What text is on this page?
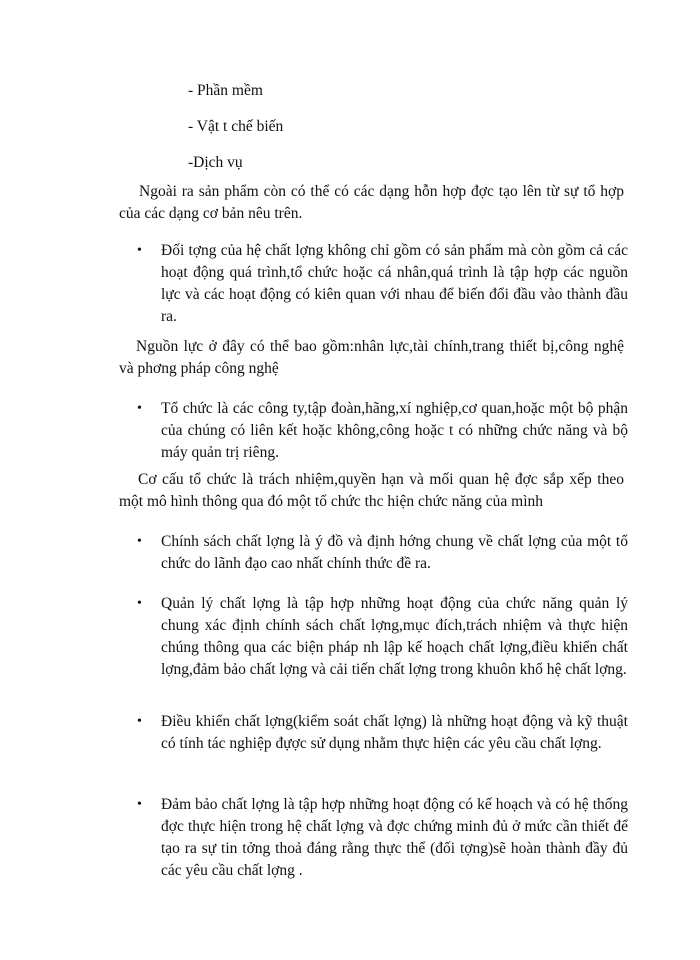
- Phần mềm
- Vật t chế biến
-Dịch vụ
Ngoài ra sản phẩm còn có thể có các dạng hỗn hợp đợc tạo lên từ sự tổ hợp của các dạng cơ bản nêu trên.
• Đối tợng của hệ chất lợng không chỉ gồm có sản phẩm mà còn gồm cả các hoạt động quá trình,tổ chức hoặc cá nhân,quá trình là tập hợp các nguồn lực và các hoạt động có kiên quan với nhau để biến đổi đầu vào thành đầu ra.
Nguồn lực ở đây có thể bao gồm:nhân lực,tài chính,trang thiết bị,công nghệ và phơng pháp công nghệ
• Tổ chức là các công ty,tập đoàn,hãng,xí nghiệp,cơ quan,hoặc một bộ phận của chúng có liên kết hoặc không,công hoặc t có những chức năng và bộ máy quản trị riêng.
Cơ cấu tổ chức là trách nhiệm,quyền hạn và mối quan hệ đợc sắp xếp theo một mô hình thông qua đó một tổ chức thc hiện chức năng của mình
• Chính sách chất lợng là ý đồ và định hớng chung về chất lợng của một tổ chức do lãnh đạo cao nhất chính thức đề ra.
• Quản lý chất lợng là tập hợp những hoạt động của chức năng quản lý chung xác định chính sách chất lợng,mục đích,trách nhiệm và thực hiện chúng thông qua các biện pháp nh lập kế hoạch chất lợng,điều khiển chất lợng,đảm bảo chất lợng và cải tiến chất lợng trong khuôn khổ hệ chất lợng.
• Điều khiển chất lợng(kiểm soát chất lợng) là những hoạt động và kỹ thuật có tính tác nghiệp đựợc sử dụng nhằm thực hiện các yêu cầu chất lợng.
• Đảm bảo chất lợng là tập hợp những hoạt động có kế hoạch và có hệ thống đợc thực hiện trong hệ chất lợng và đợc chứng minh đủ ở mức cần thiết để tạo ra sự tin tởng thoả đáng rằng thực thể (đối tợng)sẽ hoàn thành đầy đủ các yêu cầu chất lợng .
